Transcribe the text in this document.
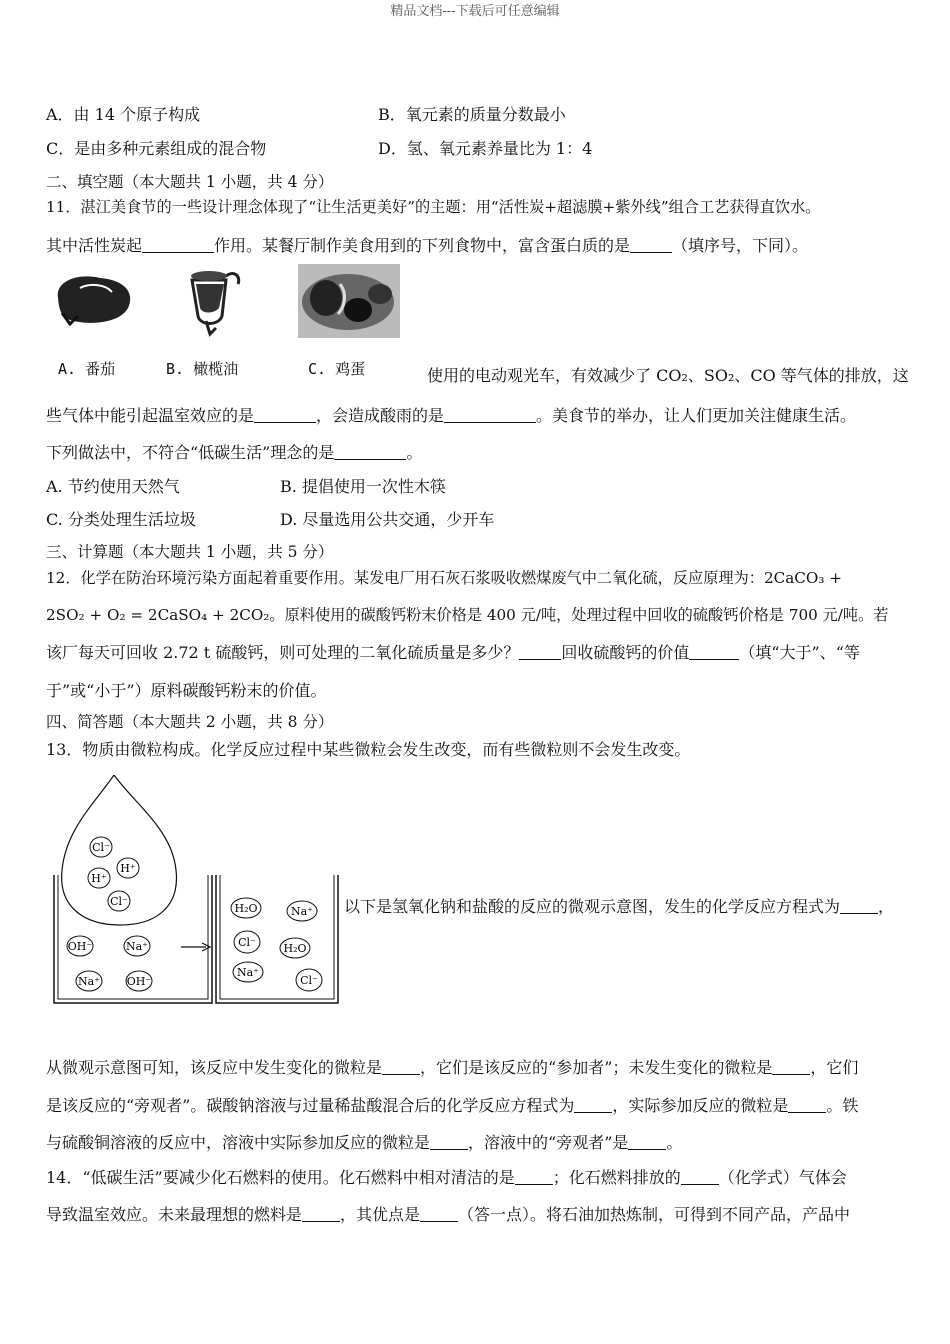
精品文档---下载后可任意编辑
A．由 14 个原子构成	B．氧元素的质量分数最小
C．是由多种元素组成的混合物	D．氢、氧元素养量比为 1：4
二、填空题（本大题共 1 小题，共 4 分）
11．湛江美食节的一些设计理念体现了“让生活更美好”的主题：用“活性炭+超滤膜+紫外线”组合工艺获得直饮水。
其中活性炭起	作用。某餐厅制作美食用到的下列食物中，富含蛋白质的是	（填序号，下同）。
A. 番茄	B. 橄榄油	C. 鸡蛋	使用的电动观光车，有效减少了 CO₂、SO₂、CO 等气体的排放，这
些气体中能引起温室效应的是	，会造成酸雨的是	。美食节的举办，让人们更加关注健康生活。
下列做法中，不符合“低碳生活”理念的是	。
A. 节约使用天然气	B. 提倡使用一次性木筷
C. 分类处理生活垃圾	D. 尽量选用公共交通，少开车
三、计算题（本大题共 1 小题，共 5 分）
12．化学在防治环境污染方面起着重要作用。某发电厂用石灰石浆吸收燃煤废气中二氧化硫，反应原理为：2CaCO₃ +
2SO₂ + O₂ = 2CaSO₄ + 2CO₂。原料使用的碳酸钙粉末价格是 400 元/吨，处理过程中回收的硫酸钙价格是 700 元/吨。若
该厂每天可回收 2.72 t 硫酸钙，则可处理的二氧化硫质量是多少？	回收硫酸钙的价值	（填“大于”、“等
于”或“小于”）原料碳酸钙粉末的价值。
四、简答题（本大题共 2 小题，共 8 分）
13．物质由微粒构成。化学反应过程中某些微粒会发生改变，而有些微粒则不会发生改变。
Cl⁻
H⁺
H⁺
Cl⁻
OH⁻	Na⁺
Na⁺ OH⁻
H₂O	Na⁺
Cl⁻	H₂O
Na⁺
Cl⁻
以下是氢氧化钠和盐酸的反应的微观示意图，发生的化学反应方程式为 ，
从微观示意图可知，该反应中发生变化的微粒是 ，它们是该反应的“参加者”；未发生变化的微粒是 ，它们
是该反应的“旁观者”。碳酸钠溶液与过量稀盐酸混合后的化学反应方程式为 ，实际参加反应的微粒是 。铁
与硫酸铜溶液的反应中，溶液中实际参加反应的微粒是 ，溶液中的“旁观者”是 。
14．“低碳生活”要减少化石燃料的使用。化石燃料中相对清洁的是 ；化石燃料排放的 （化学式）气体会
导致温室效应。未来最理想的燃料是 ，其优点是 （答一点）。将石油加热炼制，可得到不同产品，产品中
